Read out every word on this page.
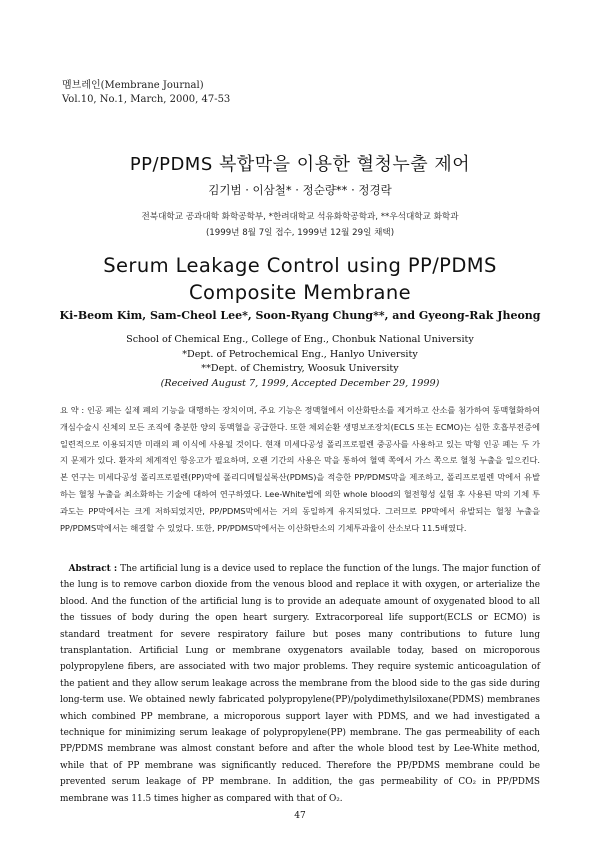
멤브레인(Membrane Journal)
Vol.10, No.1, March, 2000, 47-53
PP/PDMS 복합막을 이용한 혈청누출 제어
김기범 · 이삼철* · 정순량** · 정경락
전북대학교 공과대학 화학공학부, *한려대학교 석유화학공학과, **우석대학교 화학과
(1999년 8월 7일 접수, 1999년 12월 29일 채택)
Serum Leakage Control using PP/PDMS
Composite Membrane
Ki-Beom Kim, Sam-Cheol Lee*, Soon-Ryang Chung**, and Gyeong-Rak Jheong
School of Chemical Eng., College of Eng., Chonbuk National University
*Dept. of Petrochemical Eng., Hanlyo University
**Dept. of Chemistry, Woosuk University
(Received August 7, 1999, Accepted December 29, 1999)

요 약 : 인공 폐는 실제 폐의 기능을 대행하는 장치이며, 주요 기능은 정맥혈에서 이산화탄소를 제거하고 산소를 첨가하여 동맥혈화하여 개심수술시 신체의 모든 조직에 충분한 양의 동맥혈을 공급한다. 또한 체외순환 생명보조장치(ECLS 또는 ECMO)는 심한 호흡부전증에 일련적으로 이용되지만 미래의 폐 이식에 사용될 것이다. 현재 미세다공성 폴리프로필렌 중공사를 사용하고 있는 막형 인공 폐는 두 가지 문제가 있다. 환자의 체계적인 항응고가 필요하며, 오랜 기간의 사용은 막을 통하여 혈액 쪽에서 가스 쪽으로 혈청 누출을 일으킨다. 본 연구는 미세다공성 폴리프로필렌(PP)막에 폴리디메틸실록산(PDMS)을 적층한 PP/PDMS막을 제조하고, 폴리프로필렌 막에서 유발하는 혈청 누출을 최소화하는 기술에 대하여 연구하였다. Lee-White법에 의한 whole blood의 혈전형성 실험 후 사용된 막의 기체 투과도는 PP막에서는 크게 저하되었지만, PP/PDMS막에서는 거의 동일하게 유지되었다. 그러므로 PP막에서 유발되는 혈청 누출을 PP/PDMS막에서는 해결할 수 있었다. 또한, PP/PDMS막에서는 이산화탄소의 기체투과율이 산소보다 11.5배였다.

Abstract : The artificial lung is a device used to replace the function of the lungs. The major function of the lung is to remove carbon dioxide from the venous blood and replace it with oxygen, or arterialize the blood. And the function of the artificial lung is to provide an adequate amount of oxygenated blood to all the tissues of body during the open heart surgery. Extracorporeal life support(ECLS or ECMO) is standard treatment for severe respiratory failure but poses many contributions to future lung transplantation. Artificial Lung or membrane oxygenators available today, based on microporous polypropylene fibers, are associated with two major problems. They require systemic anticoagulation of the patient and they allow serum leakage across the membrane from the blood side to the gas side during long-term use. We obtained newly fabricated polypropylene(PP)/polydimethylsiloxane(PDMS) membranes which combined PP membrane, a microporous support layer with PDMS, and we had investigated a technique for minimizing serum leakage of polypropylene(PP) membrane. The gas permeability of each PP/PDMS membrane was almost constant before and after the whole blood test by Lee-White method, while that of PP membrane was significantly reduced. Therefore the PP/PDMS membrane could be prevented serum leakage of PP membrane. In addition, the gas permeability of CO₂ in PP/PDMS membrane was 11.5 times higher as compared with that of O₂.

47
